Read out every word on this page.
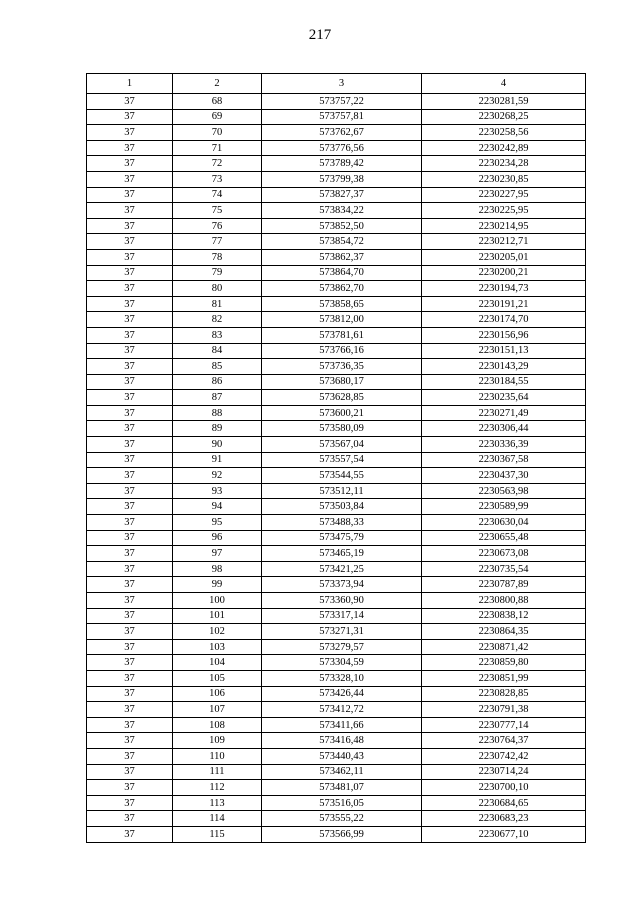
217
1	2	3	4
37	68	573757,22	2230281,59
37	69	573757,81	2230268,25
37	70	573762,67	2230258,56
37	71	573776,56	2230242,89
37	72	573789,42	2230234,28
37	73	573799,38	2230230,85
37	74	573827,37	2230227,95
37	75	573834,22	2230225,95
37	76	573852,50	2230214,95
37	77	573854,72	2230212,71
37	78	573862,37	2230205,01
37	79	573864,70	2230200,21
37	80	573862,70	2230194,73
37	81	573858,65	2230191,21
37	82	573812,00	2230174,70
37	83	573781,61	2230156,96
37	84	573766,16	2230151,13
37	85	573736,35	2230143,29
37	86	573680,17	2230184,55
37	87	573628,85	2230235,64
37	88	573600,21	2230271,49
37	89	573580,09	2230306,44
37	90	573567,04	2230336,39
37	91	573557,54	2230367,58
37	92	573544,55	2230437,30
37	93	573512,11	2230563,98
37	94	573503,84	2230589,99
37	95	573488,33	2230630,04
37	96	573475,79	2230655,48
37	97	573465,19	2230673,08
37	98	573421,25	2230735,54
37	99	573373,94	2230787,89
37	100	573360,90	2230800,88
37	101	573317,14	2230838,12
37	102	573271,31	2230864,35
37	103	573279,57	2230871,42
37	104	573304,59	2230859,80
37	105	573328,10	2230851,99
37	106	573426,44	2230828,85
37	107	573412,72	2230791,38
37	108	573411,66	2230777,14
37	109	573416,48	2230764,37
37	110	573440,43	2230742,42
37	111	573462,11	2230714,24
37	112	573481,07	2230700,10
37	113	573516,05	2230684,65
37	114	573555,22	2230683,23
37	115	573566,99	2230677,10
